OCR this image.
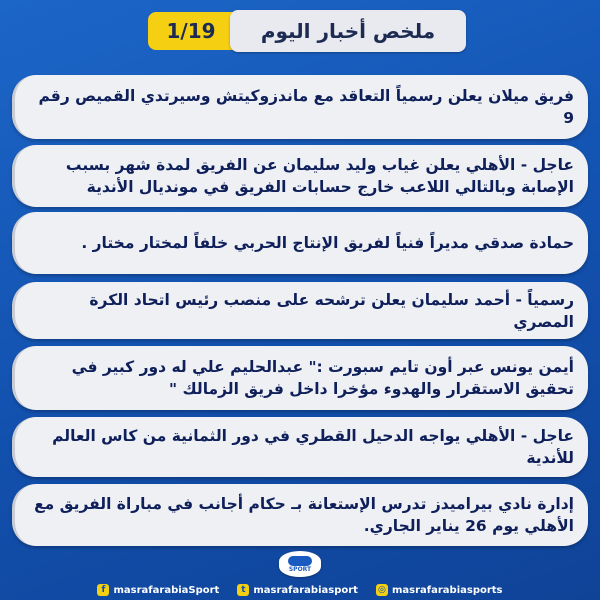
1/19	ملخص أخبار اليوم
فريق ميلان يعلن رسمياً التعاقد مع ماندزوكيتش وسيرتدي القميص رقم 9
عاجل - الأهلي يعلن غياب وليد سليمان عن الفريق لمدة شهر بسبب الإصابة وبالتالي اللاعب خارج حسابات الفريق في مونديال الأندية
حمادة صدقي مديراً فنياً لفريق الإنتاج الحربي خلفاً لمختار مختار .
رسمياً - أحمد سليمان يعلن ترشحه على منصب رئيس اتحاد الكرة المصري
أيمن يونس عبر أون تايم سبورت :" عبدالحليم علي له دور كبير في تحقيق الاستقرار والهدوء مؤخرا داخل فريق الزمالك "
عاجل - الأهلي يواجه الدحيل القطري في دور الثمانية من كاس العالم للأندية
إدارة نادي بيراميدز تدرس الإستعانة بـ حكام أجانب في مباراة الفريق مع الأهلي يوم 26 يناير الجاري.
SPORT
f masrafarabiaSport	t masrafarabiasport ◎ masrafarabiasports
